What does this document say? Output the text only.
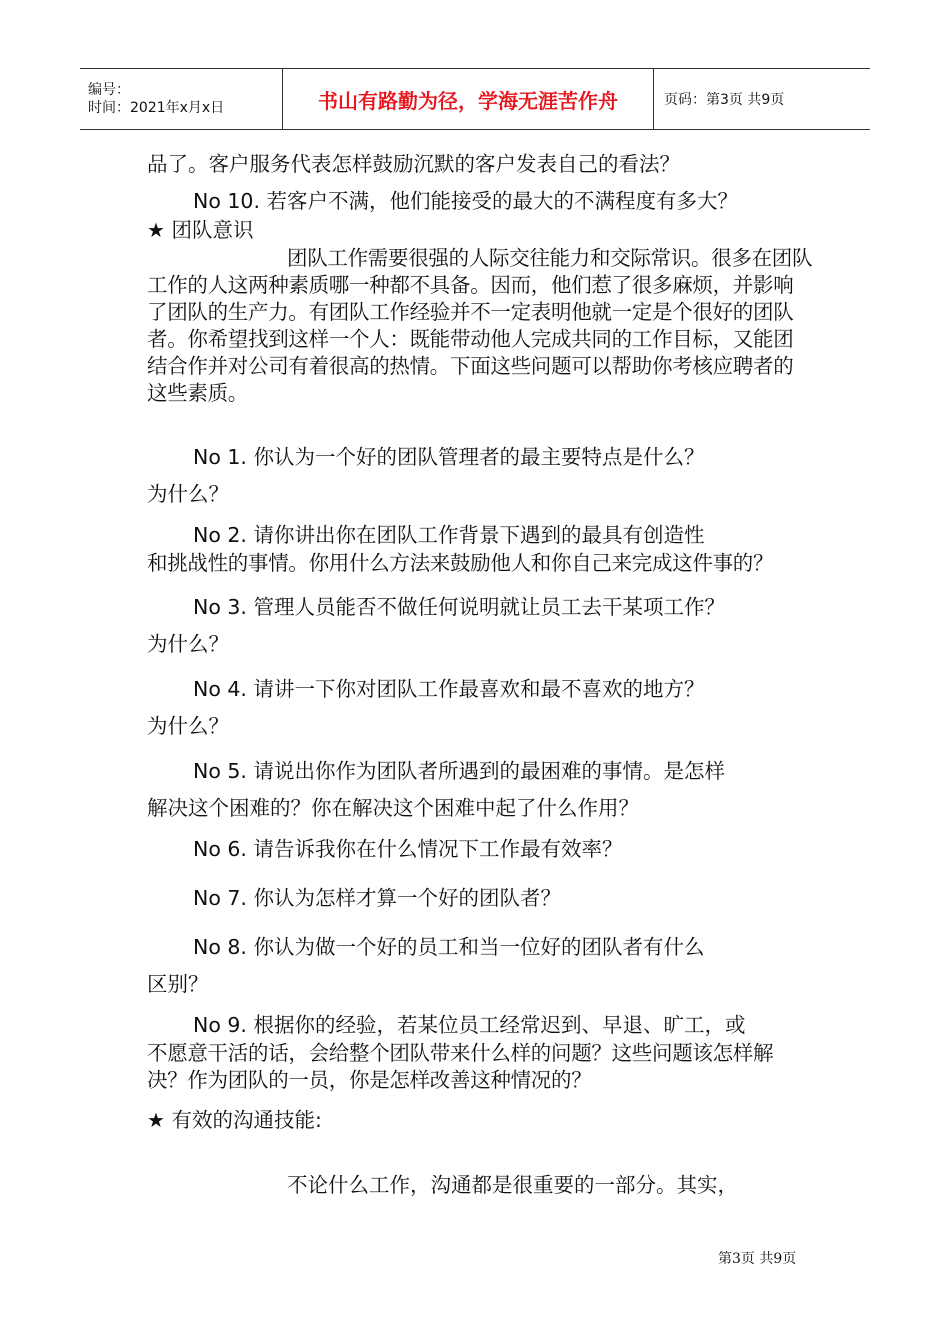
编号：
时间：2021年x月x日	书山有路勤为径，学海无涯苦作舟	页码：第3页 共9页

品了。客户服务代表怎样鼓励沉默的客户发表自己的看法？

No 10. 若客户不满，他们能接受的最大的不满程度有多大？

★ 团队意识

团队工作需要很强的人际交往能力和交际常识。很多在团队工作的人这两种素质哪一种都不具备。因而，他们惹了很多麻烦，并影响了团队的生产力。有团队工作经验并不一定表明他就一定是个很好的团队者。你希望找到这样一个人：既能带动他人完成共同的工作目标，又能团结合作并对公司有着很高的热情。下面这些问题可以帮助你考核应聘者的这些素质。

No 1. 你认为一个好的团队管理者的最主要特点是什么？

为什么？

No 2. 请你讲出你在团队工作背景下遇到的最具有创造性

和挑战性的事情。你用什么方法来鼓励他人和你自己来完成这件事的？

No 3. 管理人员能否不做任何说明就让员工去干某项工作？

为什么？

No 4. 请讲一下你对团队工作最喜欢和最不喜欢的地方？

为什么？

No 5. 请说出你作为团队者所遇到的最困难的事情。是怎样

解决这个困难的？你在解决这个困难中起了什么作用？

No 6. 请告诉我你在什么情况下工作最有效率？

No 7. 你认为怎样才算一个好的团队者？

No 8. 你认为做一个好的员工和当一位好的团队者有什么

区别？

No 9. 根据你的经验，若某位员工经常迟到、早退、旷工，或

不愿意干活的话，会给整个团队带来什么样的问题？这些问题该怎样解决？作为团队的一员，你是怎样改善这种情况的？

★ 有效的沟通技能:

不论什么工作，沟通都是很重要的一部分。其实，

第3页 共9页
